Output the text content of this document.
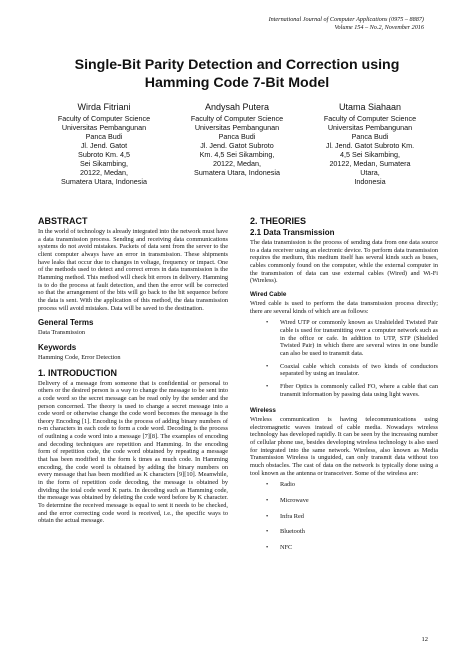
International Journal of Computer Applications (0975 – 8887)
Volume 154 – No.2, November 2016
Single-Bit Parity Detection and Correction using
Hamming Code 7-Bit Model
Wirda Fitriani
Faculty of Computer Science
Universitas Pembangunan
Panca Budi
Jl. Jend. Gatot
Subroto Km. 4,5
Sei Sikambing,
20122, Medan,
Sumatera Utara, Indonesia
Andysah Putera
Faculty of Computer Science
Universitas Pembangunan
Panca Budi
Jl. Jend. Gatot Subroto
Km. 4,5 Sei Sikambing,
20122, Medan,
Sumatera Utara, Indonesia
Utama Siahaan
Faculty of Computer Science
Universitas Pembangunan
Panca Budi
Jl. Jend. Gatot Subroto Km.
4,5 Sei Sikambing,
20122, Medan, Sumatera
Utara,
Indonesia
ABSTRACT

In the world of technology is already integrated into the network must have a data transmission process. Sending and receiving data communications systems do not avoid mistakes. Packets of data sent from the server to the client computer always have an error in transmission. These shipments have leaks that occur due to changes in voltage, frequency or impact. One of the methods used to detect and correct errors in data transmission is the Hamming method. This method will check bit errors in delivery. Hamming is to do the process at fault detection, and then the error will be corrected so that the arrangement of the bits will go back to the bit sequence before the data is sent. With the application of this method, the data transmission process will avoid mistakes. Data will be saved to the destination.

General Terms

Data Transmission

Keywords

Hamming Code, Error Detection

1. INTRODUCTION

Delivery of a message from someone that is confidential or personal to others or the desired person is a way to change the message to be sent into a code word so the secret message can be read only by the sender and the person concerned. The theory is used to change a secret message into a code word or otherwise change the code word becomes the message is the theory Encoding [1]. Encoding is the process of adding binary numbers of n-m characters in each code to form a code word. Decoding is the process of outlining a code word into a message [7][8]. The examples of encoding and decoding techniques are repetition and Hamming. In the encoding form of repetition code, the code word obtained by repeating a message that has been modified in the form k times as much code. In Hamming encoding, the code word is obtained by adding the binary numbers on every message that has been modified as K characters [9][10]. Meanwhile, in the form of repetition code decoding, the message is obtained by dividing the total code word K parts. In decoding such as Hamming code, the message was obtained by deleting the code word before by K character. To determine the received message is equal to sent it needs to be checked, and the error correcting code word is received, i.e., the specific ways to obtain the actual message.

2. THEORIES
2.1 Data Transmission

The data transmission is the process of sending data from one data source to a data receiver using an electronic device. To perform data transmission requires the medium, this medium itself has several kinds such as buses, cables commonly found on the computer, while the external computer in the transmission of data can use external cables (Wired) and Wi-Fi (Wireless).

Wired Cable

Wired cable is used to perform the data transmission process directly; there are several kinds of which are as follows:

• Wired UTP or commonly known as Unshielded Twisted Pair cable is used for transmitting over a computer network such as in the office or cafe. In addition to UTP, STP (Shielded Twisted Pair) in which there are several wires in one bundle can also be used to transmit data.
• Coaxial cable which consists of two kinds of conductors separated by using an insulator.
• Fiber Optics is commonly called FO, where a cable that can transmit information by passing data using light waves.
Wireless

Wireless communication is having telecommunications using electromagnetic waves instead of cable media. Nowadays wireless technology has developed rapidly. It can be seen by the increasing number of cellular phone use, besides developing wireless technology is also used for integrated into the same network. Wireless, also known as Media Transmission Wireless is unguided, can only transmit data without too much obstacles. The cast of data on the network is typically done using a tool known as the antenna or transceiver. Some of the wireless are:

• Radio
• Microwave
• Infra Red
• Bluetooth
• NFC
12
